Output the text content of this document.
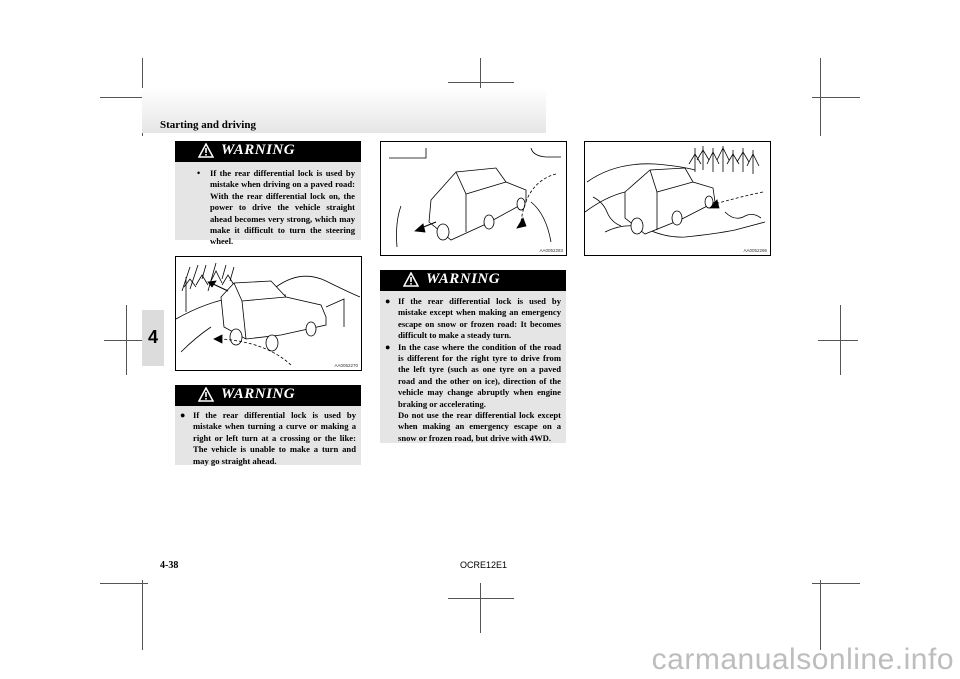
Starting and driving
4
WARNING
• If the rear differential lock is used by mistake when driving on a paved road: With the rear differential lock on, the power to drive the vehicle straight ahead becomes very strong, which may make it difficult to turn the steering wheel.
AA0052270
WARNING
● If the rear differential lock is used by mistake when turning a curve or making a right or left turn at a crossing or the like: The vehicle is unable to make a turn and may go straight ahead.
AA0052283
WARNING
● If the rear differential lock is used by mistake except when making an emergency escape on snow or frozen road: It becomes difficult to make a steady turn.
● In the case where the condition of the road is different for the right tyre to drive from the left tyre (such as one tyre on a paved road and the other on ice), direction of the vehicle may change abruptly when engine braking or accelerating.
Do not use the rear differential lock except when making an emergency escape on a snow or frozen road, but drive with 4WD.
AA0052296
4-38	OCRE12E1
carmanualsonline.info
